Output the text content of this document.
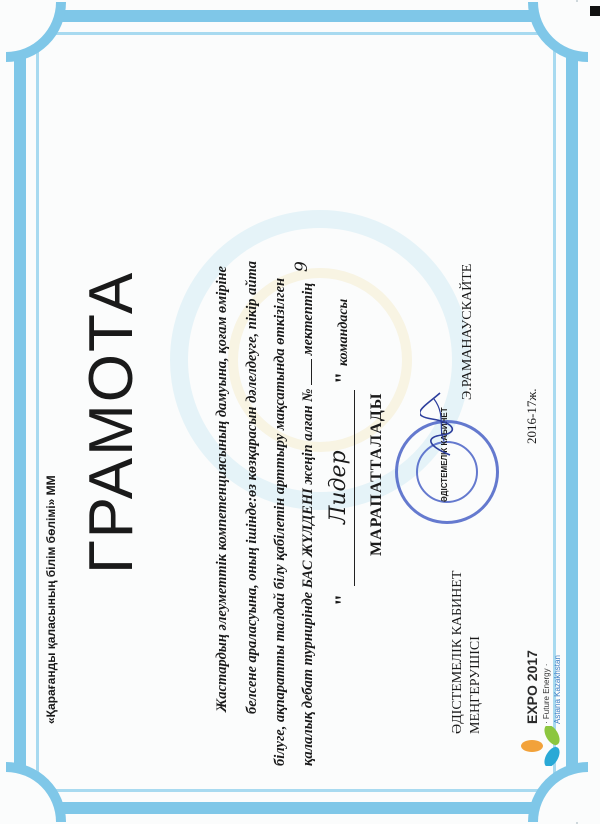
«Қарағанды қаласының білім бөлімі» ММ
ГРАМОТА	Жастардың әлеуметтік компетенциясының дамуына, қоғам өміріне белсене араласуына, оның ішінде:өз көзқарасын дәлелдеуге, пікір айта білуге, ақпаратты талдай білу қабілетін арттыру мақсатында өткізілген қалалық дебат турнирінде БАС ЖҮЛДЕНІ жеңіп алған №  мектептің
9
"
Лидер
"
командасы
МАРАПАТТАЛАДЫ
ӘДІСТЕМЕЛІК КАБИНЕТ МЕҢГЕРУШІСІ
ӘДІСТЕМЕЛІК КАБИНЕТ
Э.РАМАНАУСКАЙТЕ
2016-17ж.
EXPO 2017 · Future Energy · Astana Kazakhstan
